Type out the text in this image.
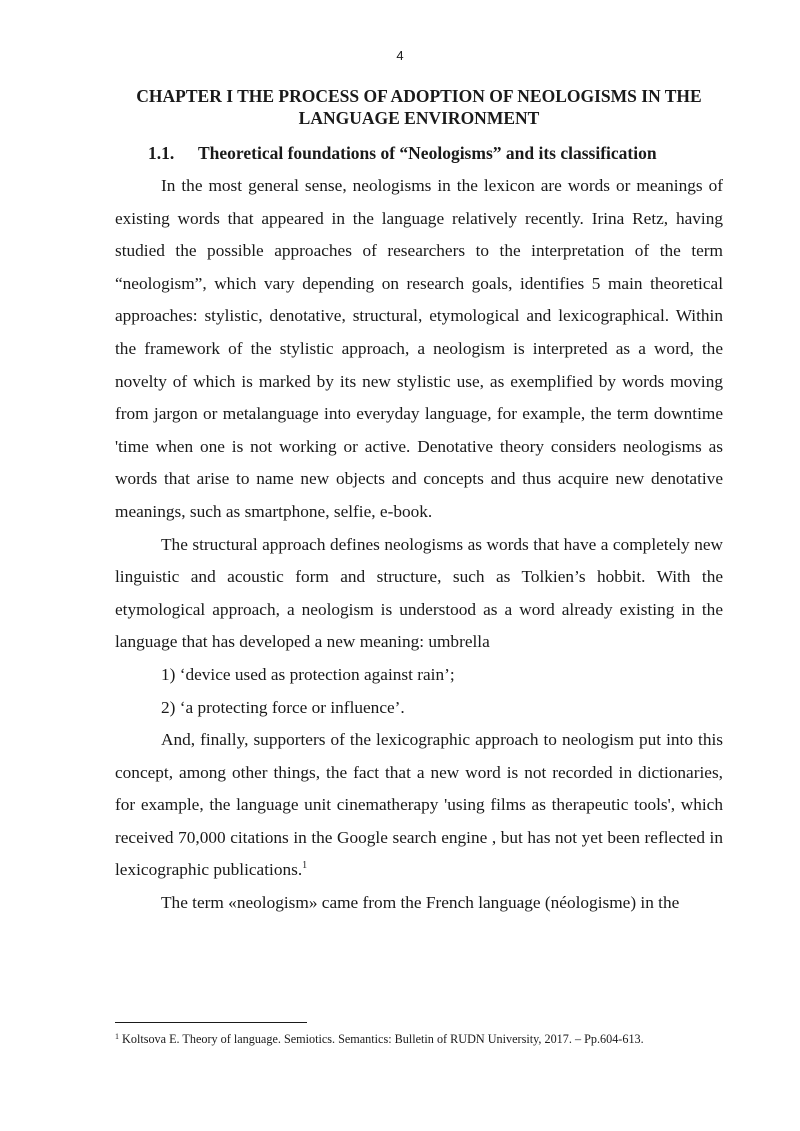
4
CHAPTER I THE PROCESS OF ADOPTION OF NEOLOGISMS IN THE LANGUAGE ENVIRONMENT
1.1. Theoretical foundations of “Neologisms” and its classification

In the most general sense, neologisms in the lexicon are words or meanings of existing words that appeared in the language relatively recently. Irina Retz, having studied the possible approaches of researchers to the interpretation of the term “neologism”, which vary depending on research goals, identifies 5 main theoretical approaches: stylistic, denotative, structural, etymological and lexicographical. Within the framework of the stylistic approach, a neologism is interpreted as a word, the novelty of which is marked by its new stylistic use, as exemplified by words moving from jargon or metalanguage into everyday language, for example, the term downtime 'time when one is not working or active. Denotative theory considers neologisms as words that arise to name new objects and concepts and thus acquire new denotative meanings, such as smartphone, selfie, e-book.

The structural approach defines neologisms as words that have a completely new linguistic and acoustic form and structure, such as Tolkien’s hobbit. With the etymological approach, a neologism is understood as a word already existing in the language that has developed a new meaning: umbrella

1) ‘device used as protection against rain’;

2) ‘a protecting force or influence’.

And, finally, supporters of the lexicographic approach to neologism put into this concept, among other things, the fact that a new word is not recorded in dictionaries, for example, the language unit cinematherapy 'using films as therapeutic tools', which received 70,000 citations in the Google search engine , but has not yet been reflected in lexicographic publications.$^1$

The term «neologism» came from the French language (néologisme) in the

$^1$ Koltsova E. Theory of language. Semiotics. Semantics: Bulletin of RUDN University, 2017. – Pp.604-613.
